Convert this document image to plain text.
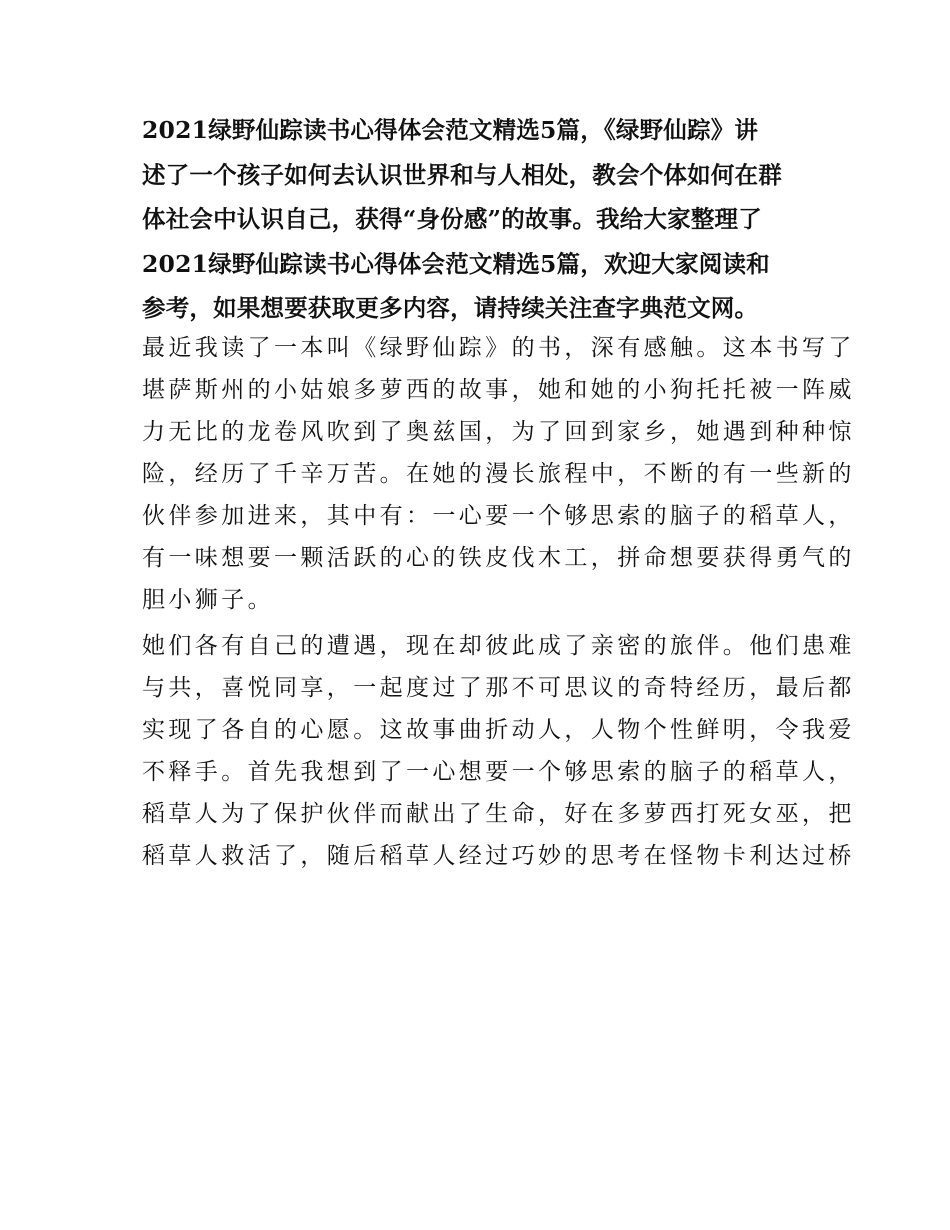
2021绿野仙踪读书心得体会范文精选5篇，《绿野仙踪》讲
述了一个孩子如何去认识世界和与人相处，教会个体如何在群
体社会中认识自己，获得“身份感”的故事。我给大家整理了
2021绿野仙踪读书心得体会范文精选5篇，欢迎大家阅读和
参考，如果想要获取更多内容，请持续关注查字典范文网。
最近我读了一本叫《绿野仙踪》的书，深有感触。这本书写了
堪萨斯州的小姑娘多萝西的故事，她和她的小狗托托被一阵威
力无比的龙卷风吹到了奥兹国，为了回到家乡，她遇到种种惊
险，经历了千辛万苦。在她的漫长旅程中，不断的有一些新的
伙伴参加进来，其中有：一心要一个够思索的脑子的稻草人，
有一味想要一颗活跃的心的铁皮伐木工，拼命想要获得勇气的
胆小狮子。
她们各有自己的遭遇，现在却彼此成了亲密的旅伴。他们患难
与共，喜悦同享，一起度过了那不可思议的奇特经历，最后都
实现了各自的心愿。这故事曲折动人，人物个性鲜明，令我爱
不释手。首先我想到了一心想要一个够思索的脑子的稻草人，
稻草人为了保护伙伴而献出了生命，好在多萝西打死女巫，把
稻草人救活了，随后稻草人经过巧妙的思考在怪物卡利达过桥
